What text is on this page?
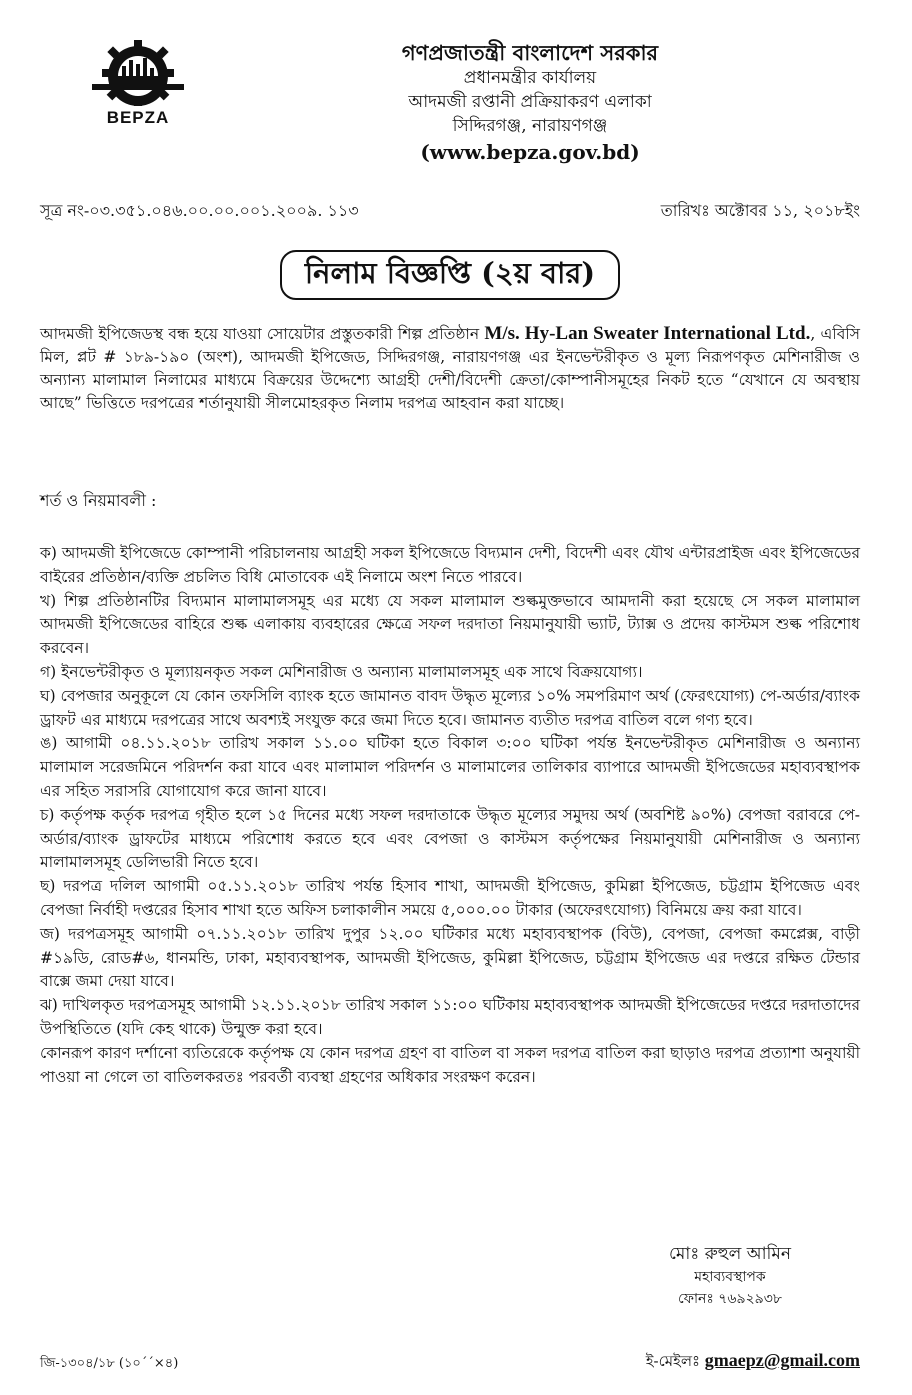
BEPZA
গণপ্রজাতন্ত্রী বাংলাদেশ সরকার
প্রধানমন্ত্রীর কার্যালয়
আদমজী রপ্তানী প্রক্রিয়াকরণ এলাকা
সিদ্দিরগঞ্জ, নারায়ণগঞ্জ
(www.bepza.gov.bd)
সূত্র নং-০৩.৩৫১.০৪৬.০০.০০.০০১.২০০৯. ১১৩	তারিখঃ অক্টোবর ১১, ২০১৮ইং
নিলাম বিজ্ঞপ্তি (২য় বার)

আদমজী ইপিজেডস্থ বন্ধ হয়ে যাওয়া সোয়েটার প্রস্তুতকারী শিল্প প্রতিষ্ঠান M/s. Hy-Lan Sweater International Ltd., এবিসি মিল, প্লট # ১৮৯-১৯০ (অংশ), আদমজী ইপিজেড, সিদ্দিরগঞ্জ, নারায়ণগঞ্জ এর ইনভেন্টরীকৃত ও মূল্য নিরূপণকৃত মেশিনারীজ ও অন্যান্য মালামাল নিলামের মাধ্যমে বিক্রয়ের উদ্দেশ্যে আগ্রহী দেশী/বিদেশী ক্রেতা/কোম্পানীসমূহের নিকট হতে “যেখানে যে অবস্থায় আছে” ভিত্তিতে দরপত্রের শর্তানুযায়ী সীলমোহরকৃত নিলাম দরপত্র আহবান করা যাচ্ছে।

শর্ত ও নিয়মাবলী :

ক) আদমজী ইপিজেডে কোম্পানী পরিচালনায় আগ্রহী সকল ইপিজেডে বিদ্যমান দেশী, বিদেশী এবং যৌথ এন্টারপ্রাইজ এবং ইপিজেডের বাইরের প্রতিষ্ঠান/ব্যক্তি প্রচলিত বিধি মোতাবেক এই নিলামে অংশ নিতে পারবে।

খ) শিল্প প্রতিষ্ঠানটির বিদ্যমান মালামালসমূহ এর মধ্যে যে সকল মালামাল শুল্কমুক্তভাবে আমদানী করা হয়েছে সে সকল মালামাল আদমজী ইপিজেডের বাহিরে শুল্ক এলাকায় ব্যবহারের ক্ষেত্রে সফল দরদাতা নিয়মানুযায়ী ভ্যাট, ট্যাক্স ও প্রদেয় কাস্টমস শুল্ক পরিশোধ করবেন।

গ) ইনভেন্টরীকৃত ও মূল্যায়নকৃত সকল মেশিনারীজ ও অন্যান্য মালামালসমূহ এক সাথে বিক্রয়যোগ্য।

ঘ) বেপজার অনুকূলে যে কোন তফসিলি ব্যাংক হতে জামানত বাবদ উদ্ধৃত মূল্যের ১০% সমপরিমাণ অর্থ (ফেরৎযোগ্য) পে-অর্ডার/ব্যাংক ড্রাফট এর মাধ্যমে দরপত্রের সাথে অবশ্যই সংযুক্ত করে জমা দিতে হবে। জামানত ব্যতীত দরপত্র বাতিল বলে গণ্য হবে।

ঙ) আগামী ০৪.১১.২০১৮ তারিখ সকাল ১১.০০ ঘটিকা হতে বিকাল ৩:০০ ঘটিকা পর্যন্ত ইনভেন্টরীকৃত মেশিনারীজ ও অন্যান্য মালামাল সরেজমিনে পরিদর্শন করা যাবে এবং মালামাল পরিদর্শন ও মালামালের তালিকার ব্যাপারে আদমজী ইপিজেডের মহাব্যবস্থাপক এর সহিত সরাসরি যোগাযোগ করে জানা যাবে।

চ) কর্তৃপক্ষ কর্তৃক দরপত্র গৃহীত হলে ১৫ দিনের মধ্যে সফল দরদাতাকে উদ্ধৃত মূল্যের সমুদয় অর্থ (অবশিষ্ট ৯০%) বেপজা বরাবরে পে-অর্ডার/ব্যাংক ড্রাফটের মাধ্যমে পরিশোধ করতে হবে এবং বেপজা ও কাস্টমস কর্তৃপক্ষের নিয়মানুযায়ী মেশিনারীজ ও অন্যান্য মালামালসমূহ ডেলিভারী নিতে হবে।

ছ) দরপত্র দলিল আগামী ০৫.১১.২০১৮ তারিখ পর্যন্ত হিসাব শাখা, আদমজী ইপিজেড, কুমিল্লা ইপিজেড, চট্টগ্রাম ইপিজেড এবং বেপজা নির্বাহী দপ্তরের হিসাব শাখা হতে অফিস চলাকালীন সময়ে ৫,০০০.০০ টাকার (অফেরৎযোগ্য) বিনিময়ে ক্রয় করা যাবে।

জ) দরপত্রসমূহ আগামী ০৭.১১.২০১৮ তারিখ দুপুর ১২.০০ ঘটিকার মধ্যে মহাব্যবস্থাপক (বিউ), বেপজা, বেপজা কমপ্লেক্স, বাড়ী #১৯ডি, রোড#৬, ধানমন্ডি, ঢাকা, মহাব্যবস্থাপক, আদমজী ইপিজেড, কুমিল্লা ইপিজেড, চট্টগ্রাম ইপিজেড এর দপ্তরে রক্ষিত টেন্ডার বাক্সে জমা দেয়া যাবে।

ঝ) দাখিলকৃত দরপত্রসমূহ আগামী ১২.১১.২০১৮ তারিখ সকাল ১১:০০ ঘটিকায় মহাব্যবস্থাপক আদমজী ইপিজেডের দপ্তরে দরদাতাদের উপস্থিতিতে (যদি কেহ থাকে) উন্মুক্ত করা হবে।

কোনরূপ কারণ দর্শানো ব্যতিরেকে কর্তৃপক্ষ যে কোন দরপত্র গ্রহণ বা বাতিল বা সকল দরপত্র বাতিল করা ছাড়াও দরপত্র প্রত্যাশা অনুযায়ী পাওয়া না গেলে তা বাতিলকরতঃ পরবর্তী ব্যবস্থা গ্রহণের অধিকার সংরক্ষণ করেন।

মোঃ রুহুল আমিন
মহাব্যবস্থাপক
ফোনঃ ৭৬৯২৯৩৮
ই-মেইলঃ gmaepz@gmail.com
জি-১৩০৪/১৮ (১০´´×৪)
